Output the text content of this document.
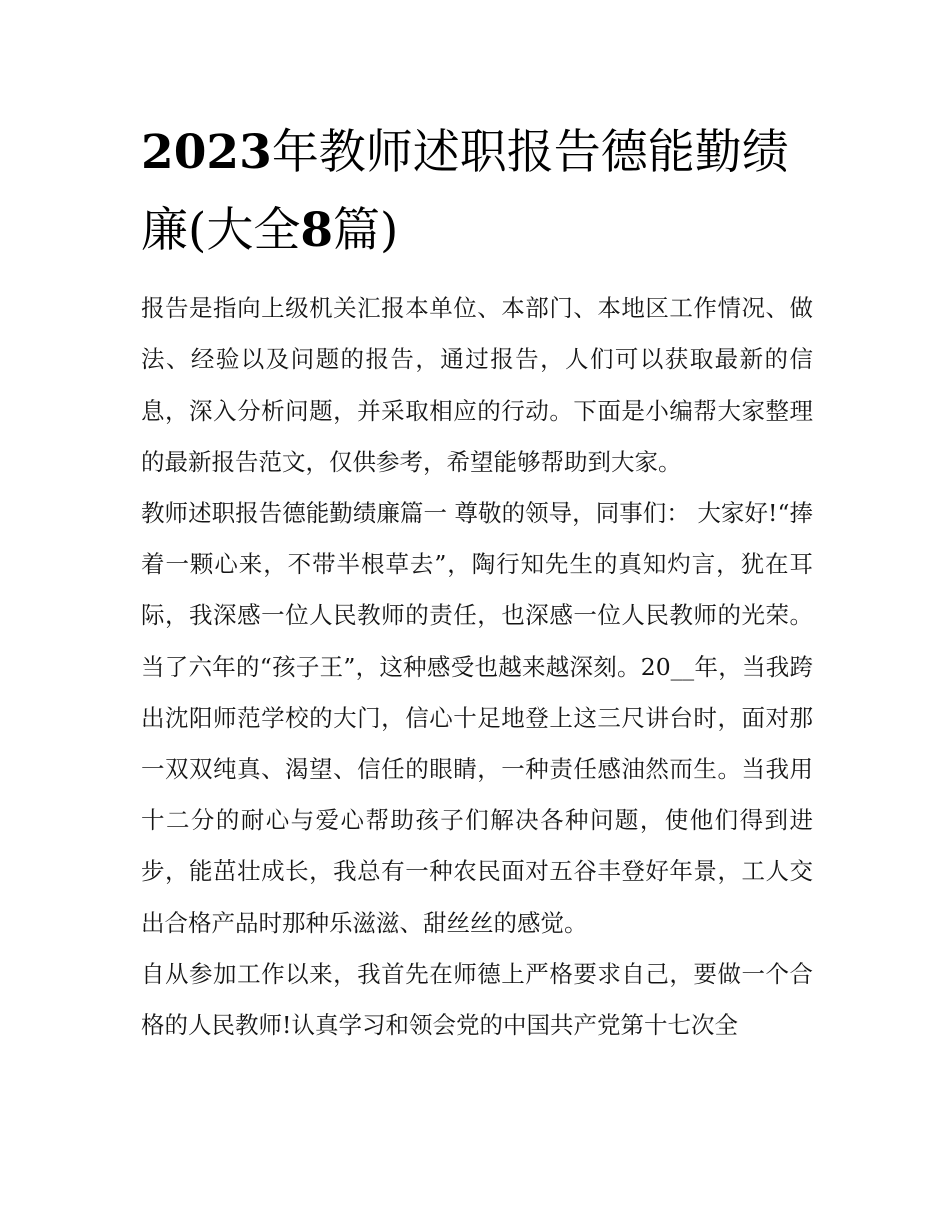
2023年教师述职报告德能勤绩廉(大全8篇)

报告是指向上级机关汇报本单位、本部门、本地区工作情况、做法、经验以及问题的报告，通过报告，人们可以获取最新的信息，深入分析问题，并采取相应的行动。下面是小编帮大家整理的最新报告范文，仅供参考，希望能够帮助到大家。

教师述职报告德能勤绩廉篇一 尊敬的领导，同事们： 大家好!“捧着一颗心来，不带半根草去”，陶行知先生的真知灼言，犹在耳际，我深感一位人民教师的责任，也深感一位人民教师的光荣。当了六年的“孩子王”，这种感受也越来越深刻。20__年，当我跨出沈阳师范学校的大门，信心十足地登上这三尺讲台时，面对那一双双纯真、渴望、信任的眼睛，一种责任感油然而生。当我用十二分的耐心与爱心帮助孩子们解决各种问题，使他们得到进步，能茁壮成长，我总有一种农民面对五谷丰登好年景，工人交出合格产品时那种乐滋滋、甜丝丝的感觉。

自从参加工作以来，我首先在师德上严格要求自己，要做一个合格的人民教师!认真学习和领会党的中国共产党第十七次全
